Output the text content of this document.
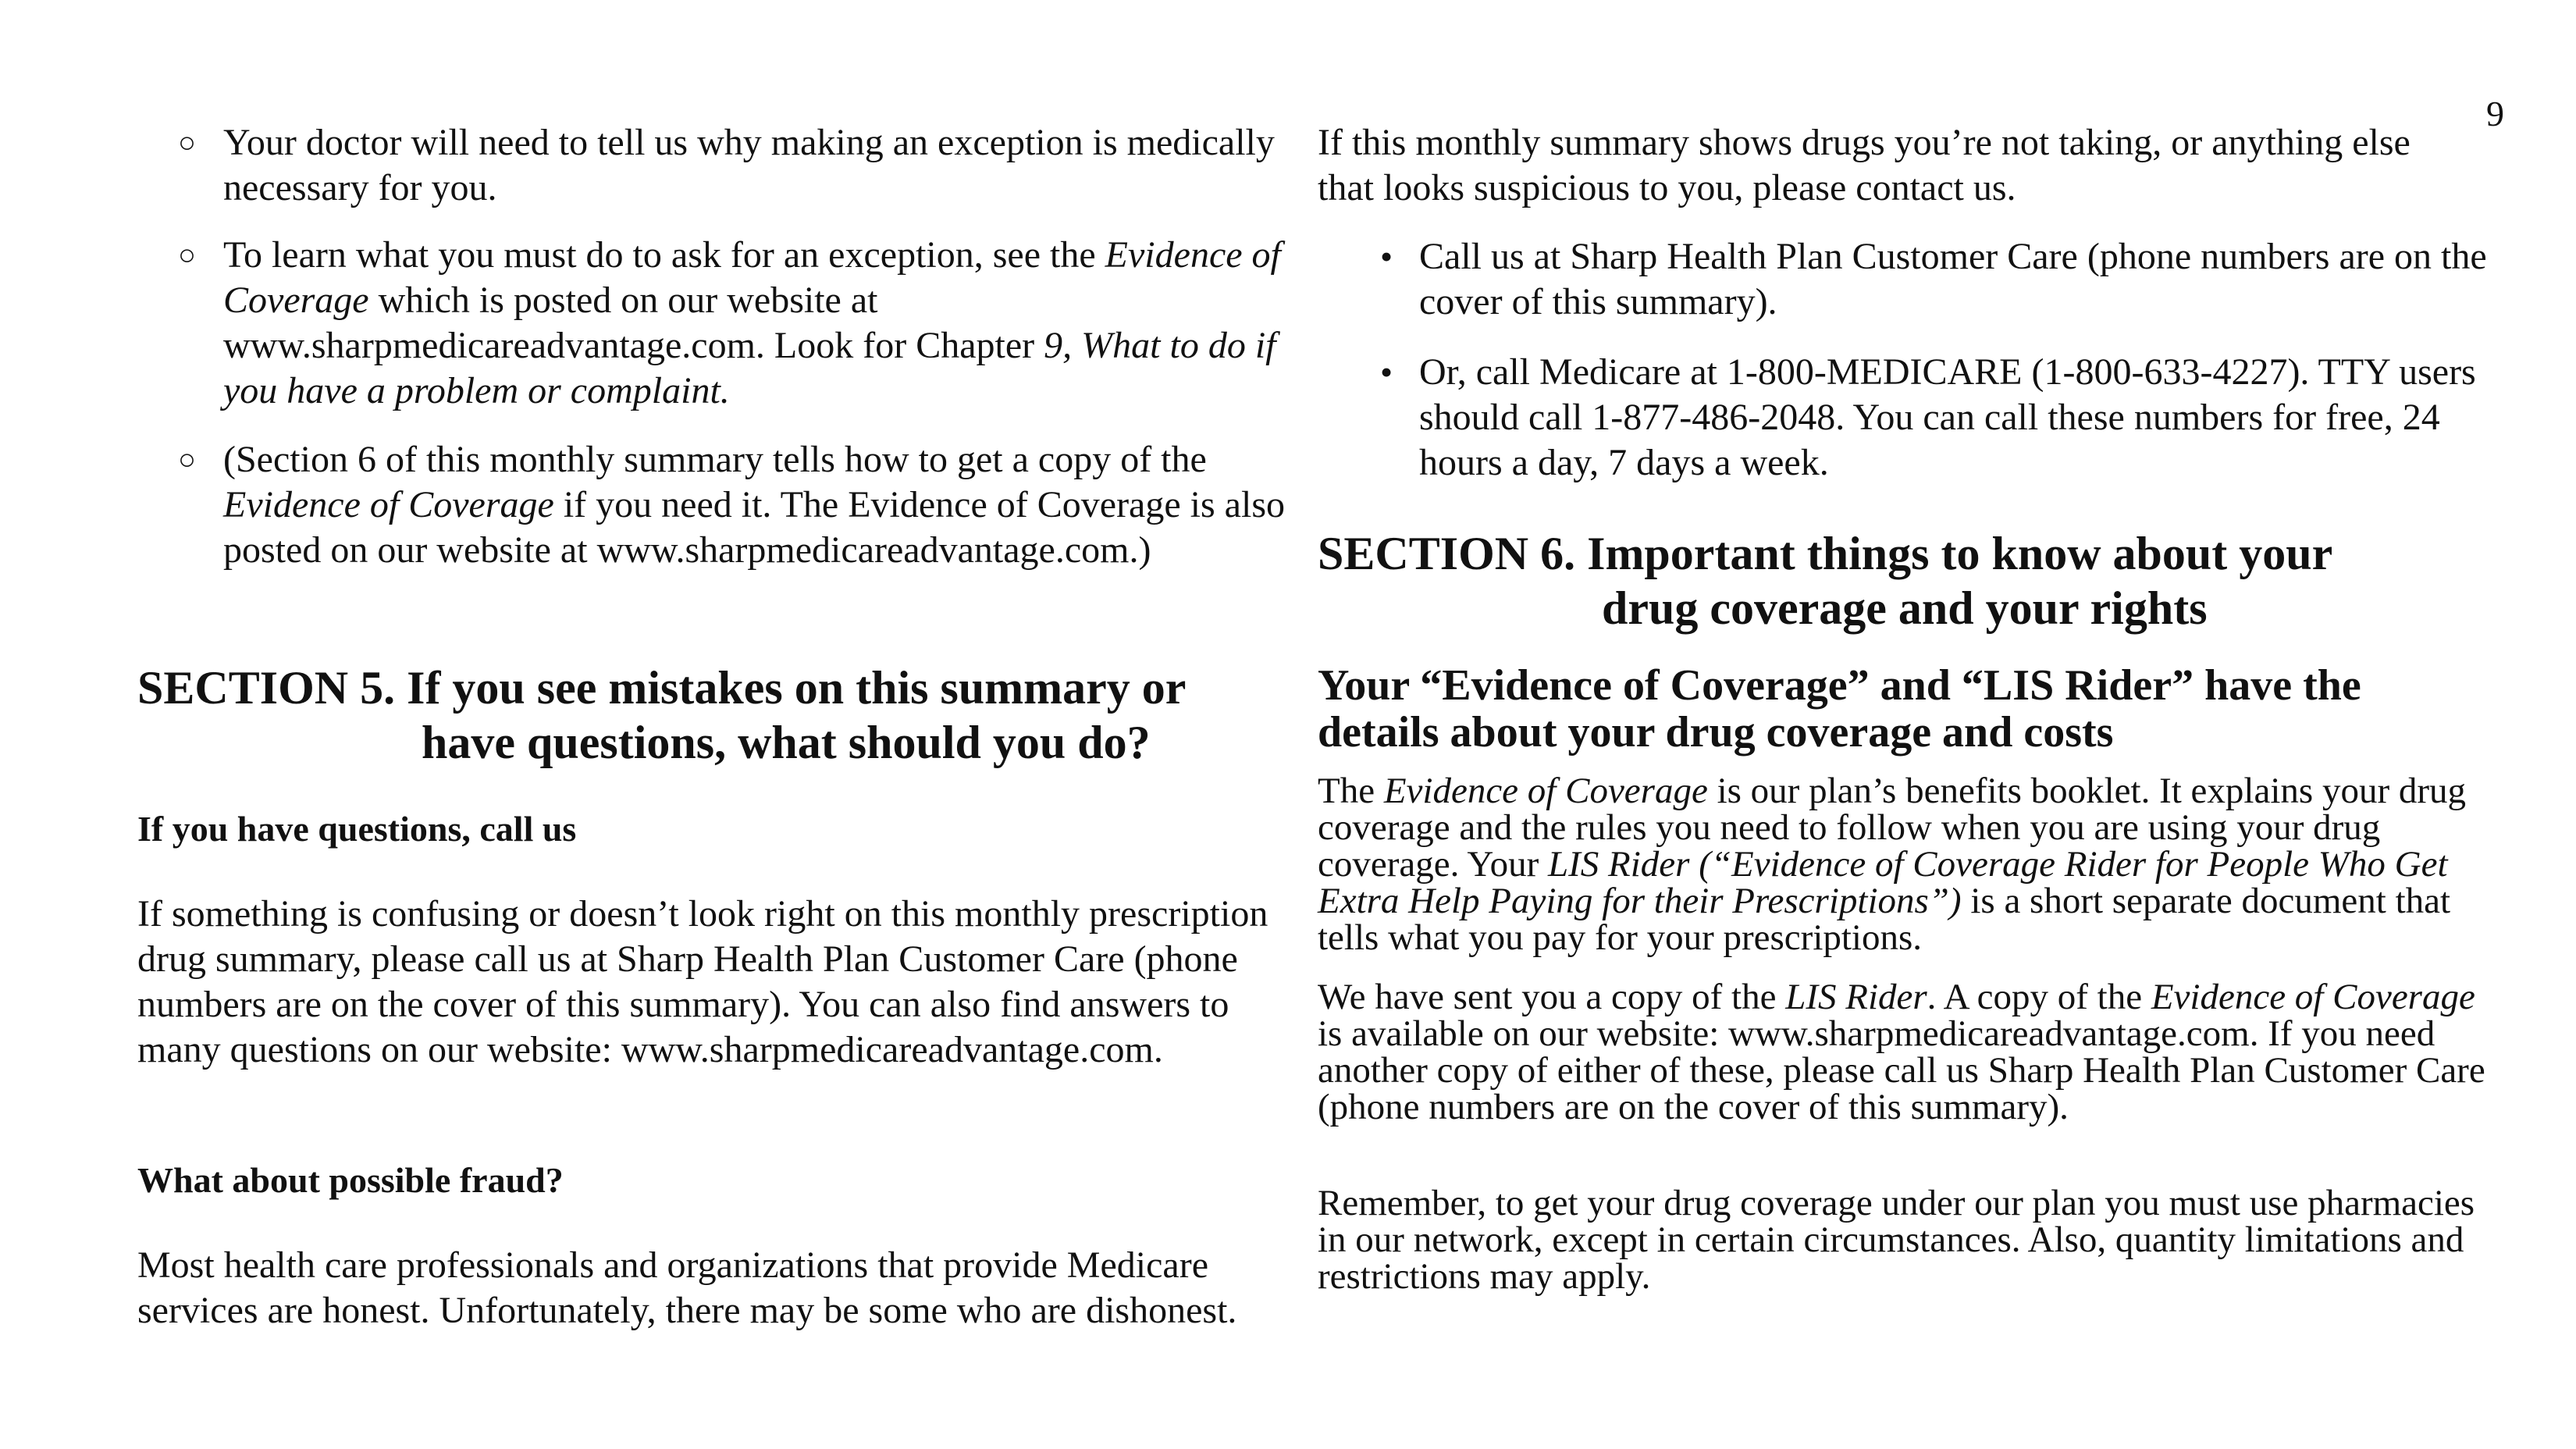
9
○ Your doctor will need to tell us why making an exception is medically necessary for you.
○ To learn what you must do to ask for an exception, see the Evidence of Coverage which is posted on our website at www.sharpmedicareadvantage.com. Look for Chapter 9, What to do if you have a problem or complaint.
○ (Section 6 of this monthly summary tells how to get a copy of the Evidence of Coverage if you need it. The Evidence of Coverage is also posted on our website at www.sharpmedicareadvantage.com.)
SECTION 5. If you see mistakes on this summary or
have questions, what should you do?
If you have questions, call us
If something is confusing or doesn’t look right on this monthly prescription drug summary, please call us at Sharp Health Plan Customer Care (phone numbers are on the cover of this summary). You can also find answers to many questions on our website: www.sharpmedicareadvantage.com.
What about possible fraud?
Most health care professionals and organizations that provide Medicare services are honest. Unfortunately, there may be some who are dishonest.
If this monthly summary shows drugs you’re not taking, or anything else that looks suspicious to you, please contact us.
• Call us at Sharp Health Plan Customer Care (phone numbers are on the cover of this summary).
• Or, call Medicare at 1-800-MEDICARE (1-800-633-4227). TTY users should call 1-877-486-2048. You can call these numbers for free, 24 hours a day, 7 days a week.
SECTION 6. Important things to know about your
drug coverage and your rights
Your “Evidence of Coverage” and “LIS Rider” have the details about your drug coverage and costs
The Evidence of Coverage is our plan’s benefits booklet. It explains your drug coverage and the rules you need to follow when you are using your drug coverage. Your LIS Rider (“Evidence of Coverage Rider for People Who Get Extra Help Paying for their Prescriptions”) is a short separate document that tells what you pay for your prescriptions.
We have sent you a copy of the LIS Rider. A copy of the Evidence of Coverage is available on our website: www.sharpmedicareadvantage.com. If you need another copy of either of these, please call us Sharp Health Plan Customer Care (phone numbers are on the cover of this summary).
Remember, to get your drug coverage under our plan you must use pharmacies in our network, except in certain circumstances. Also, quantity limitations and restrictions may apply.
